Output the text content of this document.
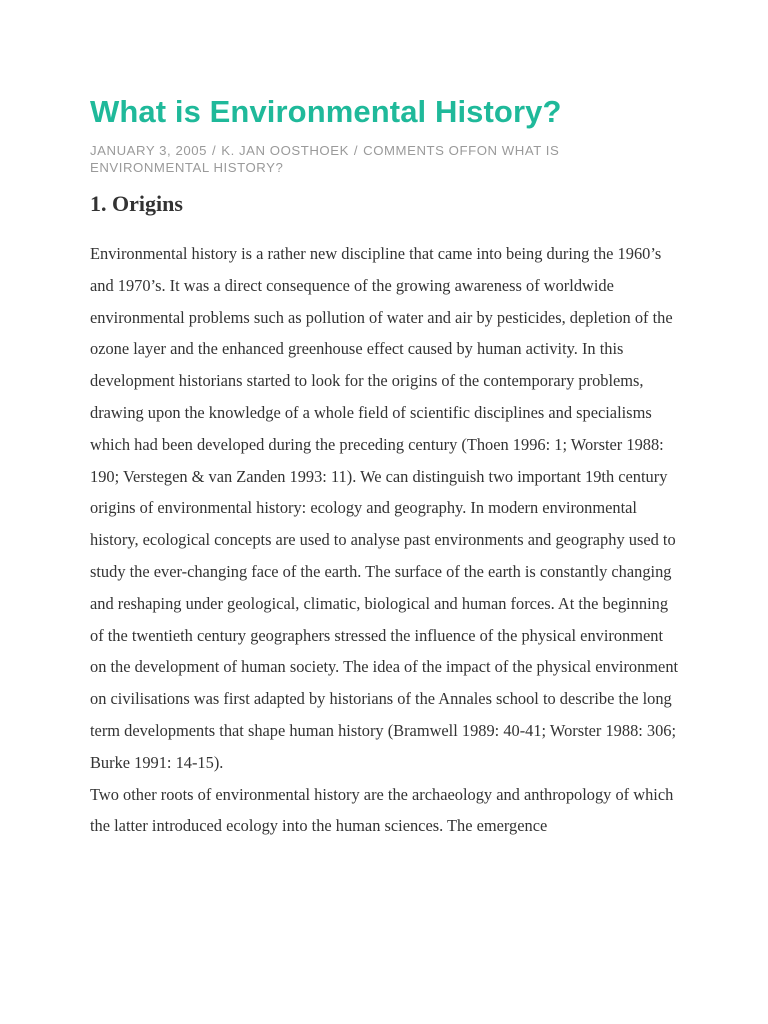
What is Environmental History?
JANUARY 3, 2005 / K. JAN OOSTHOEK / COMMENTS OFFON WHAT IS ENVIRONMENTAL HISTORY?
1. Origins

Environmental history is a rather new discipline that came into being during the 1960’s and 1970’s. It was a direct consequence of the growing awareness of worldwide environmental problems such as pollution of water and air by pesticides, depletion of the ozone layer and the enhanced greenhouse effect caused by human activity. In this development historians started to look for the origins of the contemporary problems, drawing upon the knowledge of a whole field of scientific disciplines and specialisms which had been developed during the preceding century (Thoen 1996: 1; Worster 1988: 190; Verstegen & van Zanden 1993: 11). We can distinguish two important 19th century origins of environmental history: ecology and geography. In modern environmental history, ecological concepts are used to analyse past environments and geography used to study the ever-changing face of the earth. The surface of the earth is constantly changing and reshaping under geological, climatic, biological and human forces. At the beginning of the twentieth century geographers stressed the influence of the physical environment on the development of human society. The idea of the impact of the physical environment on civilisations was first adapted by historians of the Annales school to describe the long term developments that shape human history (Bramwell 1989: 40-41; Worster 1988: 306; Burke 1991: 14-15).

Two other roots of environmental history are the archaeology and anthropology of which the latter introduced ecology into the human sciences. The emergence
